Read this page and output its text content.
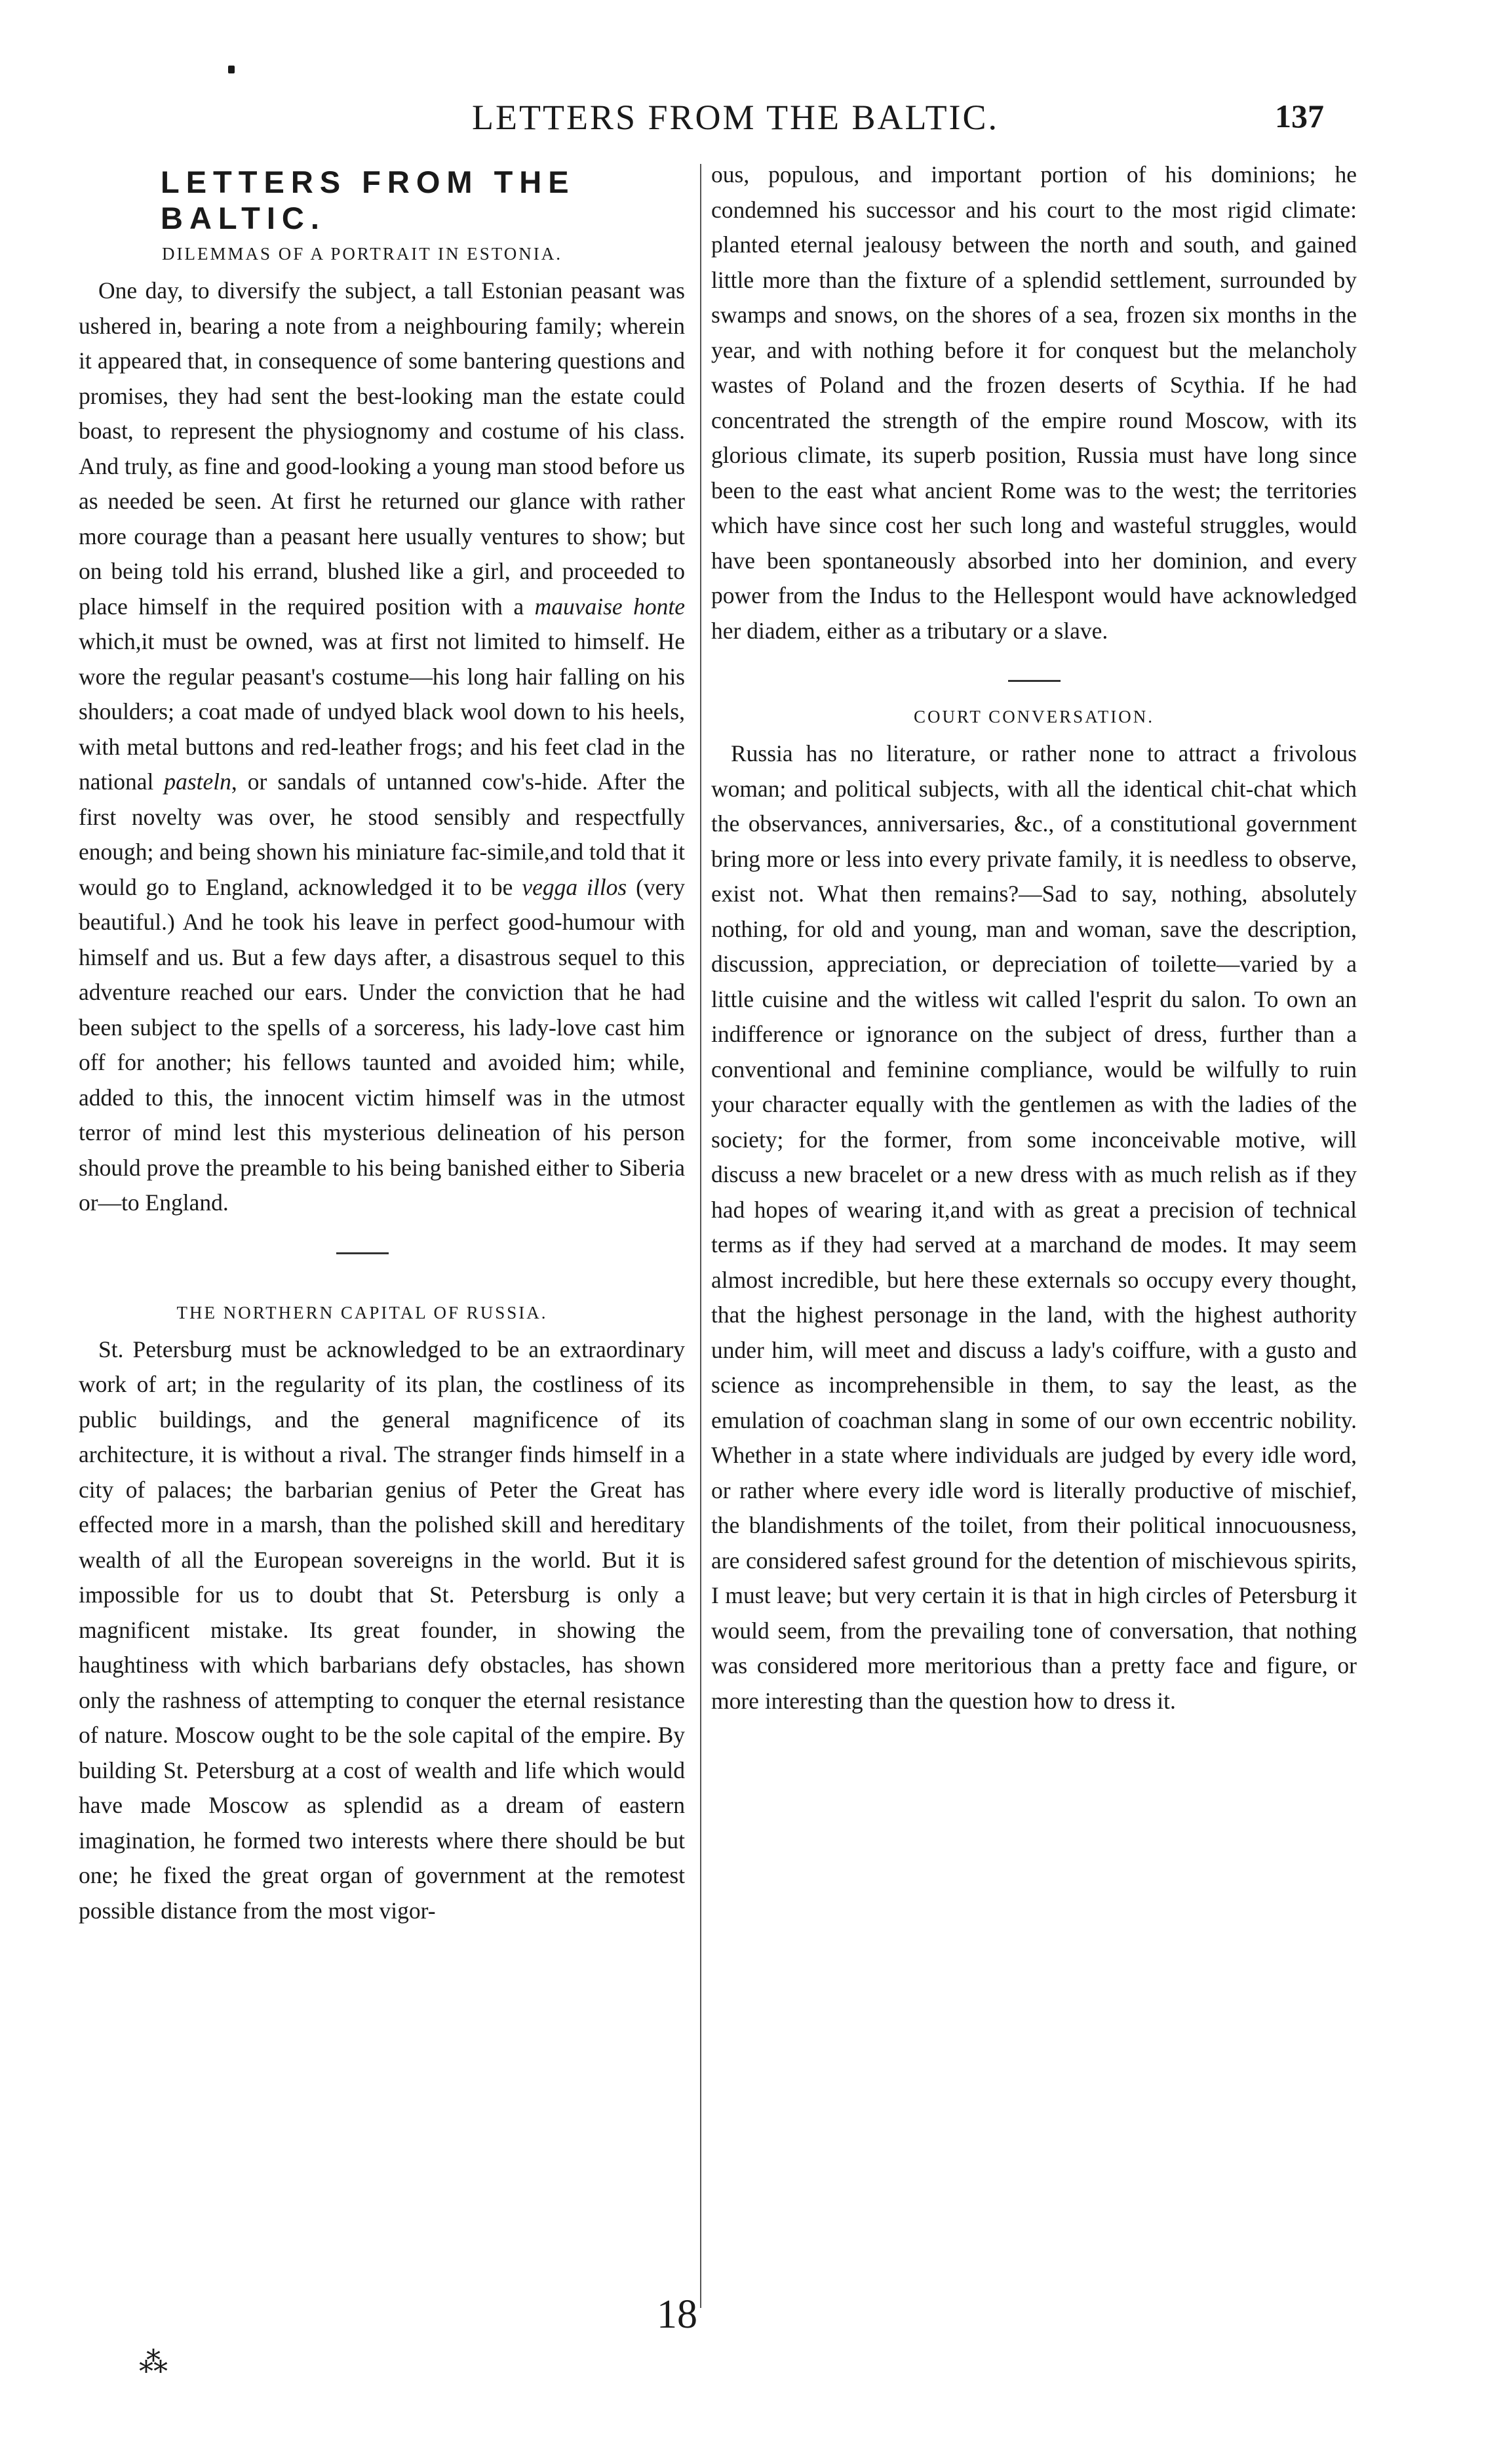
LETTERS FROM THE BALTIC.	137
LETTERS FROM THE BALTIC.
DILEMMAS OF A PORTRAIT IN ESTONIA.

One day, to diversify the subject, a tall Estonian peasant was ushered in, bearing a note from a neighbouring family; wherein it appeared that, in consequence of some bantering questions and promises, they had sent the best-looking man the estate could boast, to represent the physiognomy and costume of his class. And truly, as fine and good-looking a young man stood before us as needed be seen. At first he returned our glance with rather more courage than a peasant here usually ventures to show; but on being told his errand, blushed like a girl, and proceeded to place himself in the required position with a mauvaise honte which,it must be owned, was at first not limited to himself. He wore the regular peasant's costume—his long hair falling on his shoulders; a coat made of undyed black wool down to his heels, with metal buttons and red-leather frogs; and his feet clad in the national pasteln, or sandals of untanned cow's-hide. After the first novelty was over, he stood sensibly and respectfully enough; and being shown his miniature fac-simile,and told that it would go to England, acknowledged it to be vegga illos (very beautiful.) And he took his leave in perfect good-humour with himself and us. But a few days after, a disastrous sequel to this adventure reached our ears. Under the conviction that he had been subject to the spells of a sorceress, his lady-love cast him off for another; his fellows taunted and avoided him; while, added to this, the innocent victim himself was in the utmost terror of mind lest this mysterious delineation of his person should prove the preamble to his being banished either to Siberia or—to England.

THE NORTHERN CAPITAL OF RUSSIA.

St. Petersburg must be acknowledged to be an extraordinary work of art; in the regularity of its plan, the costliness of its public buildings, and the general magnificence of its architecture, it is without a rival. The stranger finds himself in a city of palaces; the barbarian genius of Peter the Great has effected more in a marsh, than the polished skill and hereditary wealth of all the European sovereigns in the world. But it is impossible for us to doubt that St. Petersburg is only a magnificent mistake. Its great founder, in showing the haughtiness with which barbarians defy obstacles, has shown only the rashness of attempting to conquer the eternal resistance of nature. Moscow ought to be the sole capital of the empire. By building St. Petersburg at a cost of wealth and life which would have made Moscow as splendid as a dream of eastern imagination, he formed two interests where there should be but one; he fixed the great organ of government at the remotest possible distance from the most vigor-

ous, populous, and important portion of his dominions; he condemned his successor and his court to the most rigid climate: planted eternal jealousy between the north and south, and gained little more than the fixture of a splendid settlement, surrounded by swamps and snows, on the shores of a sea, frozen six months in the year, and with nothing before it for conquest but the melancholy wastes of Poland and the frozen deserts of Scythia. If he had concentrated the strength of the empire round Moscow, with its glorious climate, its superb position, Russia must have long since been to the east what ancient Rome was to the west; the territories which have since cost her such long and wasteful struggles, would have been spontaneously absorbed into her dominion, and every power from the Indus to the Hellespont would have acknowledged her diadem, either as a tributary or a slave.

COURT CONVERSATION.

Russia has no literature, or rather none to attract a frivolous woman; and political subjects, with all the identical chit-chat which the observances, anniversaries, &c., of a constitutional government bring more or less into every private family, it is needless to observe, exist not. What then remains?—Sad to say, nothing, absolutely nothing, for old and young, man and woman, save the description, discussion, appreciation, or depreciation of toilette—varied by a little cuisine and the witless wit called l'esprit du salon. To own an indifference or ignorance on the subject of dress, further than a conventional and feminine compliance, would be wilfully to ruin your character equally with the gentlemen as with the ladies of the society; for the former, from some inconceivable motive, will discuss a new bracelet or a new dress with as much relish as if they had hopes of wearing it,and with as great a precision of technical terms as if they had served at a marchand de modes. It may seem almost incredible, but here these externals so occupy every thought, that the highest personage in the land, with the highest authority under him, will meet and discuss a lady's coiffure, with a gusto and science as incomprehensible in them, to say the least, as the emulation of coachman slang in some of our own eccentric nobility. Whether in a state where individuals are judged by every idle word, or rather where every idle word is literally productive of mischief, the blandishments of the toilet, from their political innocuousness, are considered safest ground for the detention of mischievous spirits, I must leave; but very certain it is that in high circles of Petersburg it would seem, from the prevailing tone of conversation, that nothing was considered more meritorious than a pretty face and figure, or more interesting than the question how to dress it.

18
⁂
